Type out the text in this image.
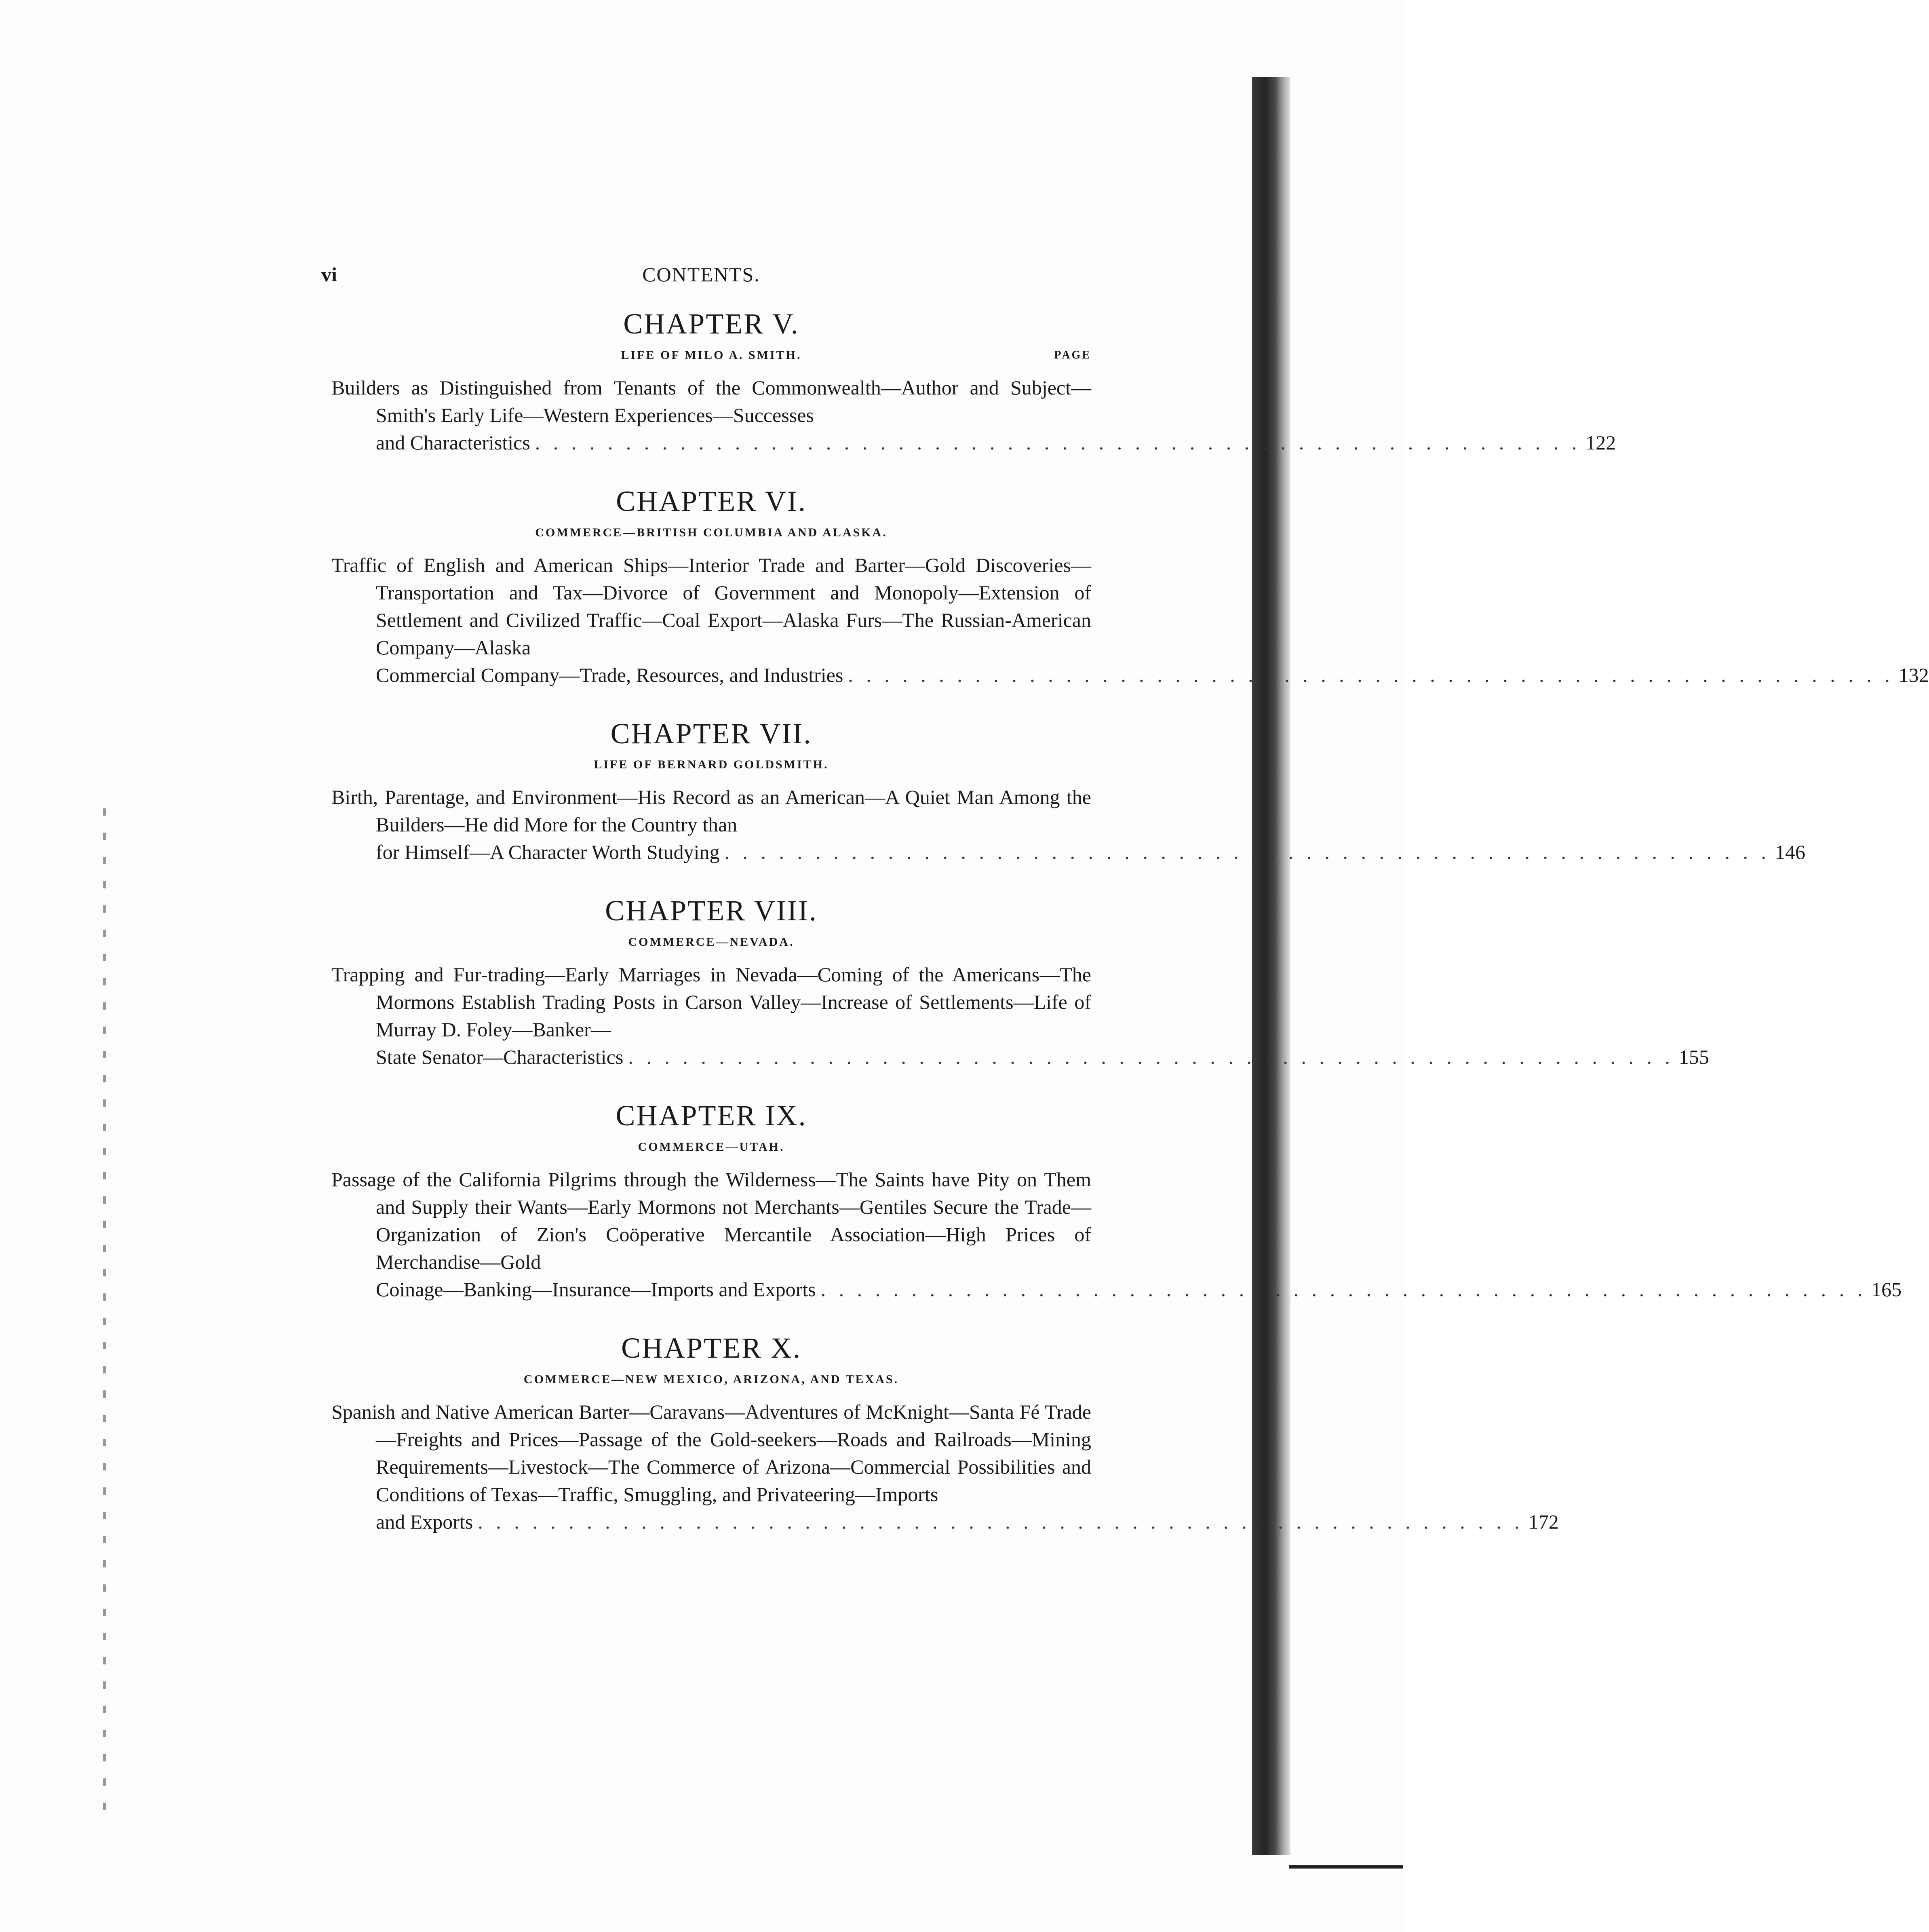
vi	CONTENTS.
CHAPTER V.
LIFE OF MILO A. SMITH.	PAGE
Builders as Distinguished from Tenants of the Commonwealth—Author and Subject—Smith's Early Life—Western Experiences—Successes
and Characteristics . . . . . . . . . . . . . . . . . . . . . . . . . . . . . . . . . . . . . . . . . . . . . . . . . . . . . . . . . . 122
CHAPTER VI.
COMMERCE—BRITISH COLUMBIA AND ALASKA.
Traffic of English and American Ships—Interior Trade and Barter—Gold Discoveries—Transportation and Tax—Divorce of Government and Monopoly—Extension of Settlement and Civilized Traffic—Coal Export—Alaska Furs—The Russian-American Company—Alaska
Commercial Company—Trade, Resources, and Industries . . . . . . . . . . . . . . . . . . . . . . . . . . . . . . . . . . . . . . . . . . . . . . . . . . . . . . . . . . 132
CHAPTER VII.
LIFE OF BERNARD GOLDSMITH.
Birth, Parentage, and Environment—His Record as an American—A Quiet Man Among the Builders—He did More for the Country than
for Himself—A Character Worth Studying . . . . . . . . . . . . . . . . . . . . . . . . . . . . . . . . . . . . . . . . . . . . . . . . . . . . . . . . . . 146
CHAPTER VIII.
COMMERCE—NEVADA.
Trapping and Fur-trading—Early Marriages in Nevada—Coming of the Americans—The Mormons Establish Trading Posts in Carson Valley—Increase of Settlements—Life of Murray D. Foley—Banker—
State Senator—Characteristics . . . . . . . . . . . . . . . . . . . . . . . . . . . . . . . . . . . . . . . . . . . . . . . . . . . . . . . . . . 155
CHAPTER IX.
COMMERCE—UTAH.
Passage of the California Pilgrims through the Wilderness—The Saints have Pity on Them and Supply their Wants—Early Mormons not Merchants—Gentiles Secure the Trade—Organization of Zion's Coöperative Mercantile Association—High Prices of Merchandise—Gold
Coinage—Banking—Insurance—Imports and Exports . . . . . . . . . . . . . . . . . . . . . . . . . . . . . . . . . . . . . . . . . . . . . . . . . . . . . . . . . . 165
CHAPTER X.
COMMERCE—NEW MEXICO, ARIZONA, AND TEXAS.
Spanish and Native American Barter—Caravans—Adventures of McKnight—Santa Fé Trade—Freights and Prices—Passage of the Gold-seekers—Roads and Railroads—Mining Requirements—Livestock—The Commerce of Arizona—Commercial Possibilities and Conditions of Texas—Traffic, Smuggling, and Privateering—Imports
and Exports . . . . . . . . . . . . . . . . . . . . . . . . . . . . . . . . . . . . . . . . . . . . . . . . . . . . . . . . . . 172
